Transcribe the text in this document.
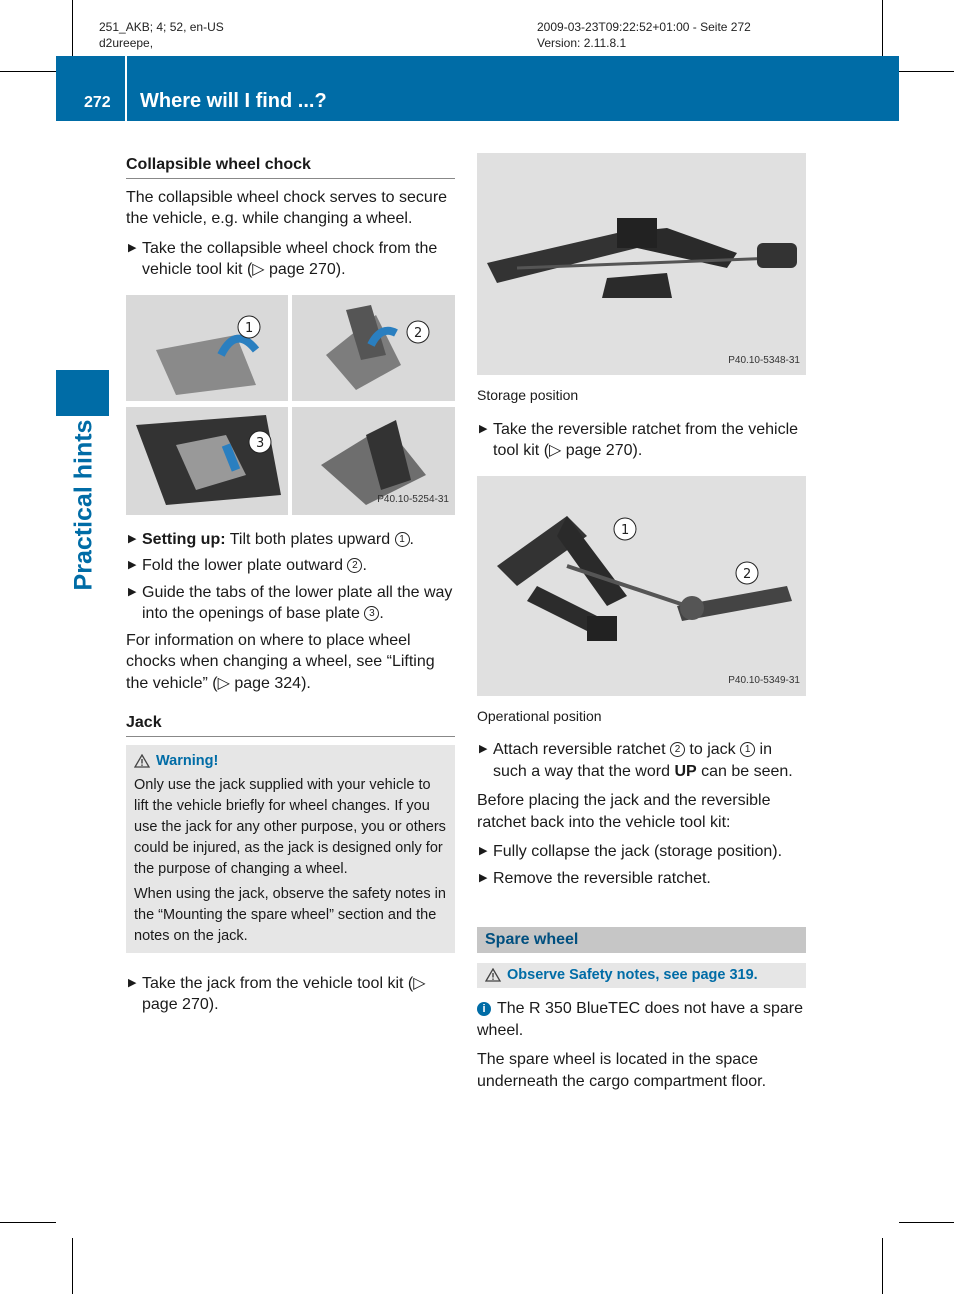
251_AKB; 4; 52, en-US
d2ureepe,
2009-03-23T09:22:52+01:00 - Seite 272
Version: 2.11.8.1
272 Where will I find ...?
Practical hints
Collapsible wheel chock

The collapsible wheel chock serves to secure the vehicle, e.g. while changing a wheel.

▶ Take the collapsible wheel chock from the vehicle tool kit (▷ page 270).
1	2
3
P40.10-5254-31
▶ Setting up: Tilt both plates upward 1 .
▶ Fold the lower plate outward 2 .
▶ Guide the tabs of the lower plate all the way into the openings of base plate 3 .

For information on where to place wheel chocks when changing a wheel, see “Lifting the vehicle” (▷ page 324).

Jack
Warning!
Only use the jack supplied with your vehicle to lift the vehicle briefly for wheel changes. If you use the jack for any other purpose, you or others could be injured, as the jack is designed only for the purpose of changing a wheel.
When using the jack, observe the safety notes in the “Mounting the spare wheel” section and the notes on the jack.
▶ Take the jack from the vehicle tool kit (▷ page 270).
P40.10-5348-31
Storage position
▶ Take the reversible ratchet from the vehicle tool kit (▷ page 270).
1
2
P40.10-5349-31
Operational position
▶ Attach reversible ratchet 2 to jack 1 in such a way that the word UP can be seen.

Before placing the jack and the reversible ratchet back into the vehicle tool kit:

▶ Fully collapse the jack (storage position).
▶ Remove the reversible ratchet.
Spare wheel
Observe Safety notes, see page 319.

i The R 350 BlueTEC does not have a spare wheel.

The spare wheel is located in the space underneath the cargo compartment floor.
